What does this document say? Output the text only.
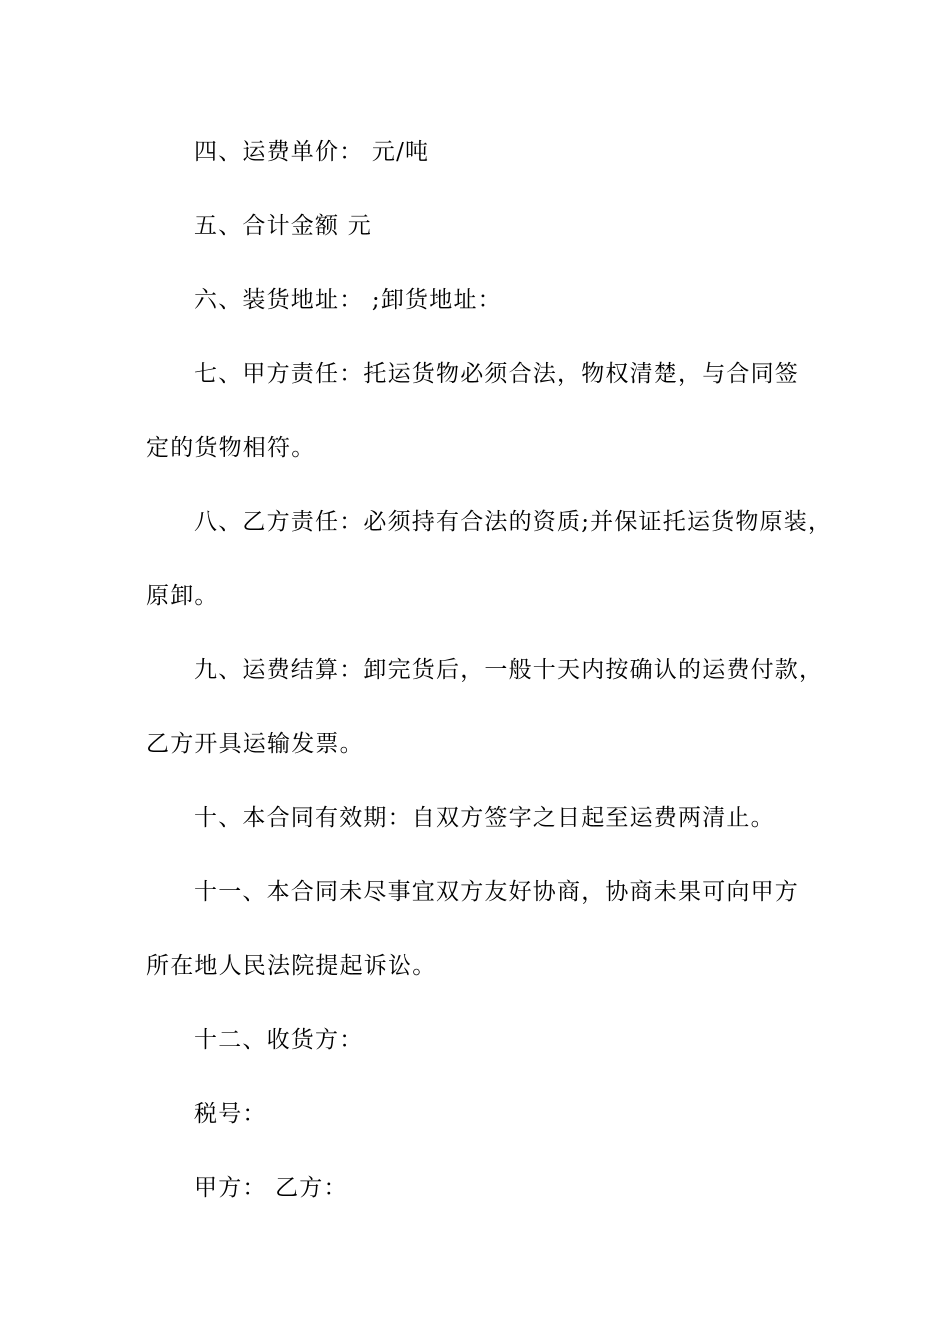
四、运费单价： 元/吨
五、合计金额 元
六、装货地址： ;卸货地址：
七、甲方责任：托运货物必须合法，物权清楚，与合同签
定的货物相符。
八、乙方责任：必须持有合法的资质;并保证托运货物原装，
原卸。
九、运费结算：卸完货后，一般十天内按确认的运费付款，
乙方开具运输发票。
十、本合同有效期：自双方签字之日起至运费两清止。
十一、本合同未尽事宜双方友好协商，协商未果可向甲方
所在地人民法院提起诉讼。
十二、收货方：
税号：
甲方： 乙方：
